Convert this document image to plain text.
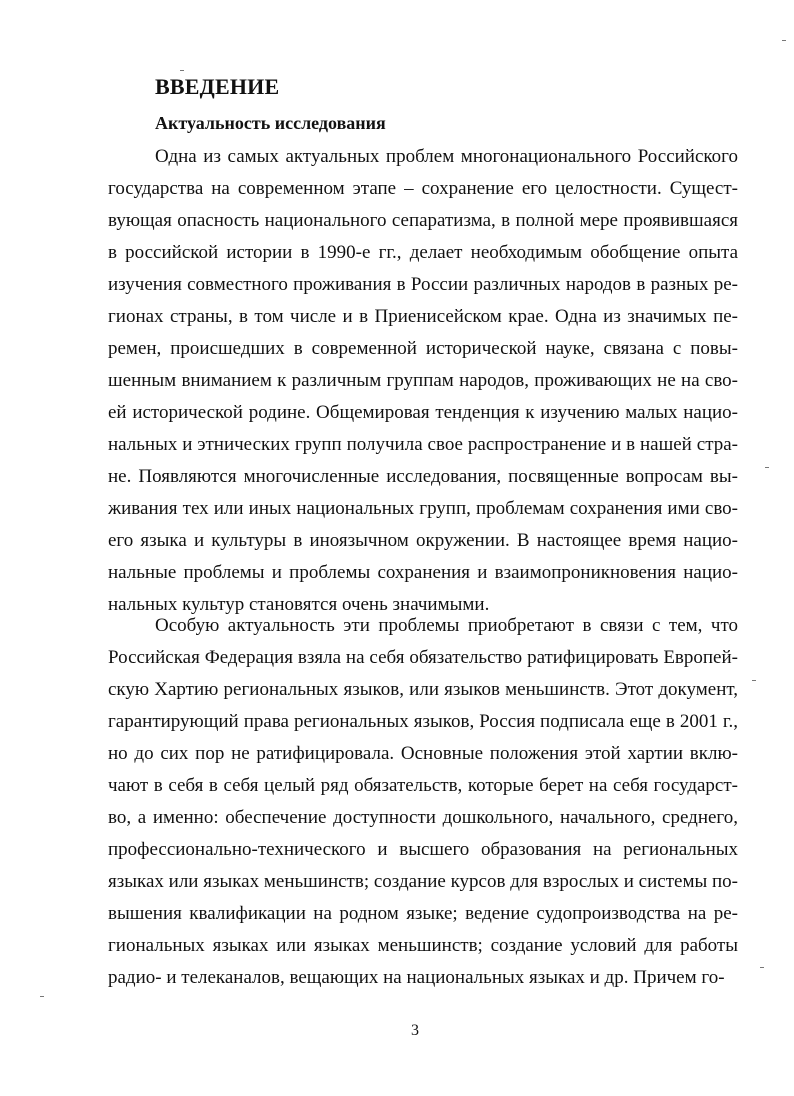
ВВЕДЕНИЕ
Актуальность исследования

Одна из самых актуальных проблем многонационального Российского
государства на современном этапе – сохранение его целостности. Сущест-
вующая опасность национального сепаратизма, в полной мере проявившаяся
в российской истории в 1990-е гг., делает необходимым обобщение опыта
изучения совместного проживания в России различных народов в разных ре-
гионах страны, в том числе и в Приенисейском крае. Одна из значимых пе-
ремен, происшедших в современной исторической науке, связана с повы-
шенным вниманием к различным группам народов, проживающих не на сво-
ей исторической родине. Общемировая тенденция к изучению малых нацио-
нальных и этнических групп получила свое распространение и в нашей стра-
не. Появляются многочисленные исследования, посвященные вопросам вы-
живания тех или иных национальных групп, проблемам сохранения ими сво-
его языка и культуры в иноязычном окружении. В настоящее время нацио-
нальные проблемы и проблемы сохранения и взаимопроникновения нацио-
нальных культур становятся очень значимыми.

Особую актуальность эти проблемы приобретают в связи с тем, что
Российская Федерация взяла на себя обязательство ратифицировать Европей-
скую Хартию региональных языков, или языков меньшинств. Этот документ,
гарантирующий права региональных языков, Россия подписала еще в 2001 г.,
но до сих пор не ратифицировала. Основные положения этой хартии вклю-
чают в себя в себя целый ряд обязательств, которые берет на себя государст-
во, а именно: обеспечение доступности дошкольного, начального, среднего,
профессионально-технического и высшего образования на региональных
языках или языках меньшинств; создание курсов для взрослых и системы по-
вышения квалификации на родном языке; ведение судопроизводства на ре-
гиональных языках или языках меньшинств; создание условий для работы
радио- и телеканалов, вещающих на национальных языках и др. Причем го-

3
